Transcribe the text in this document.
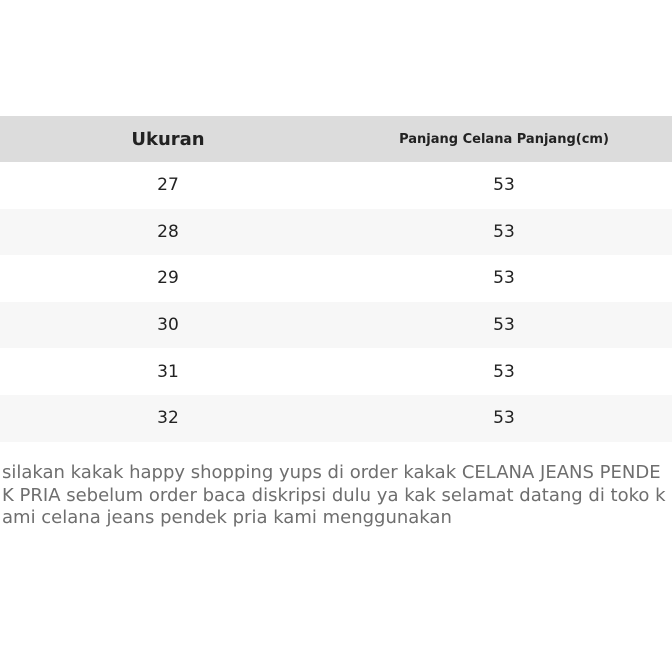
Ukuran	Panjang Celana Panjang(cm)
27	53
28	53
29	53
30	53
31	53
32	53

silakan kakak happy shopping yups di order kakak CELANA JEANS PENDEK PRIA sebelum order baca diskripsi dulu ya kak selamat datang di toko kami celana jeans pendek pria kami menggunakan
